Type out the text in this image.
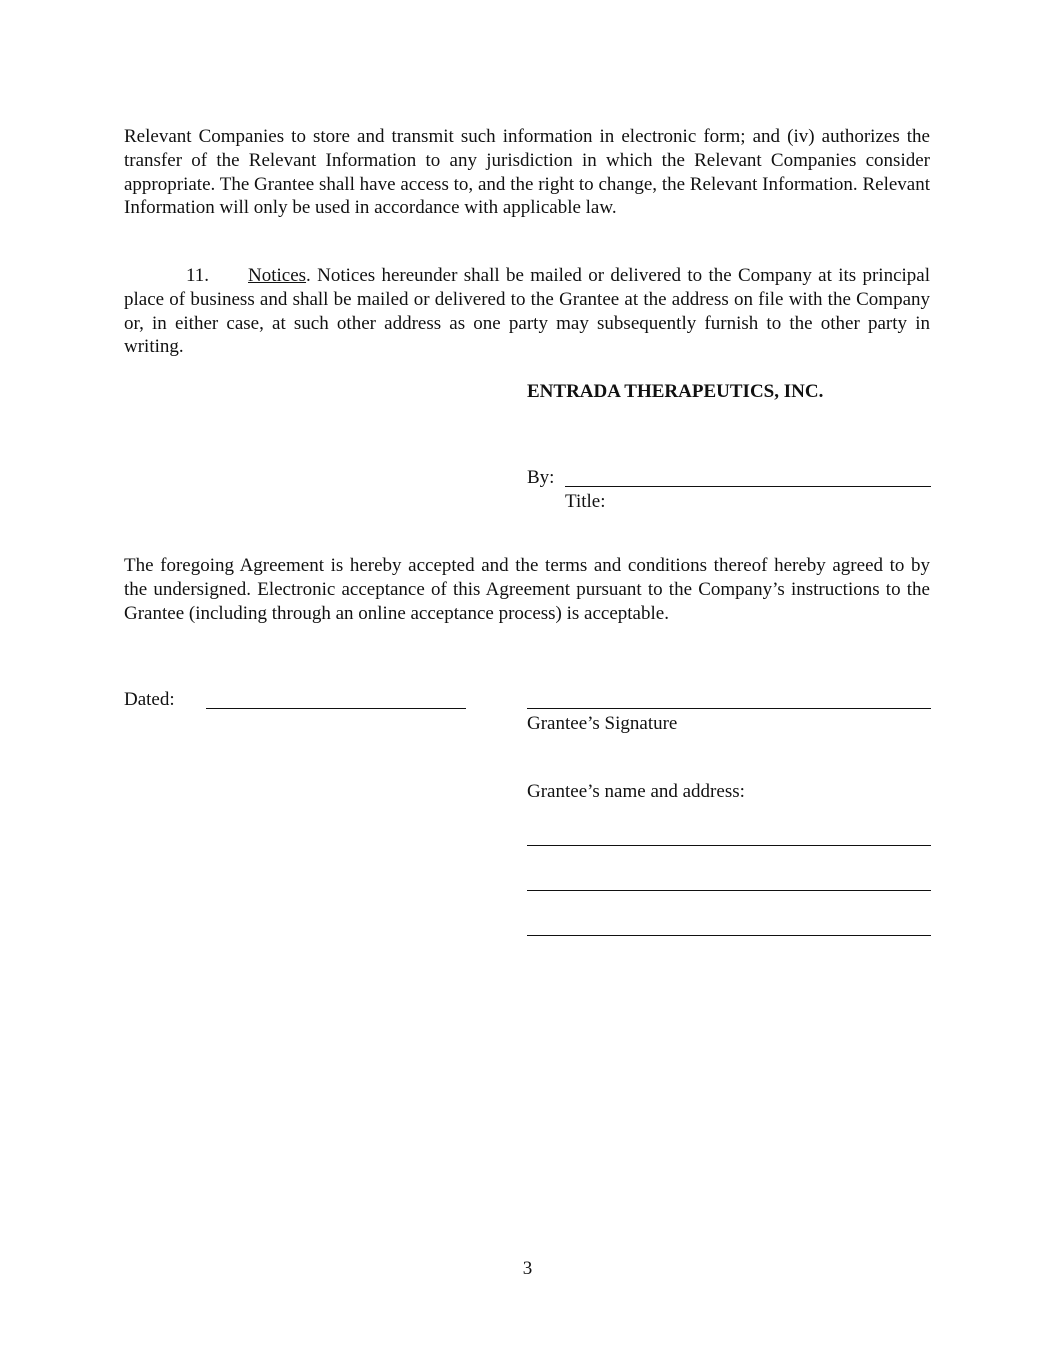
Relevant Companies to store and transmit such information in electronic form; and (iv) authorizes the transfer of the Relevant Information to any jurisdiction in which the Relevant Companies consider appropriate. The Grantee shall have access to, and the right to change, the Relevant Information. Relevant Information will only be used in accordance with applicable law.

11. Notices. Notices hereunder shall be mailed or delivered to the Company at its principal place of business and shall be mailed or delivered to the Grantee at the address on file with the Company or, in either case, at such other address as one party may subsequently furnish to the other party in writing.

ENTRADA THERAPEUTICS, INC.
By:
Title:

The foregoing Agreement is hereby accepted and the terms and conditions thereof hereby agreed to by the undersigned. Electronic acceptance of this Agreement pursuant to the Company’s instructions to the Grantee (including through an online acceptance process) is acceptable.

Dated:
Grantee’s Signature
Grantee’s name and address:
3
